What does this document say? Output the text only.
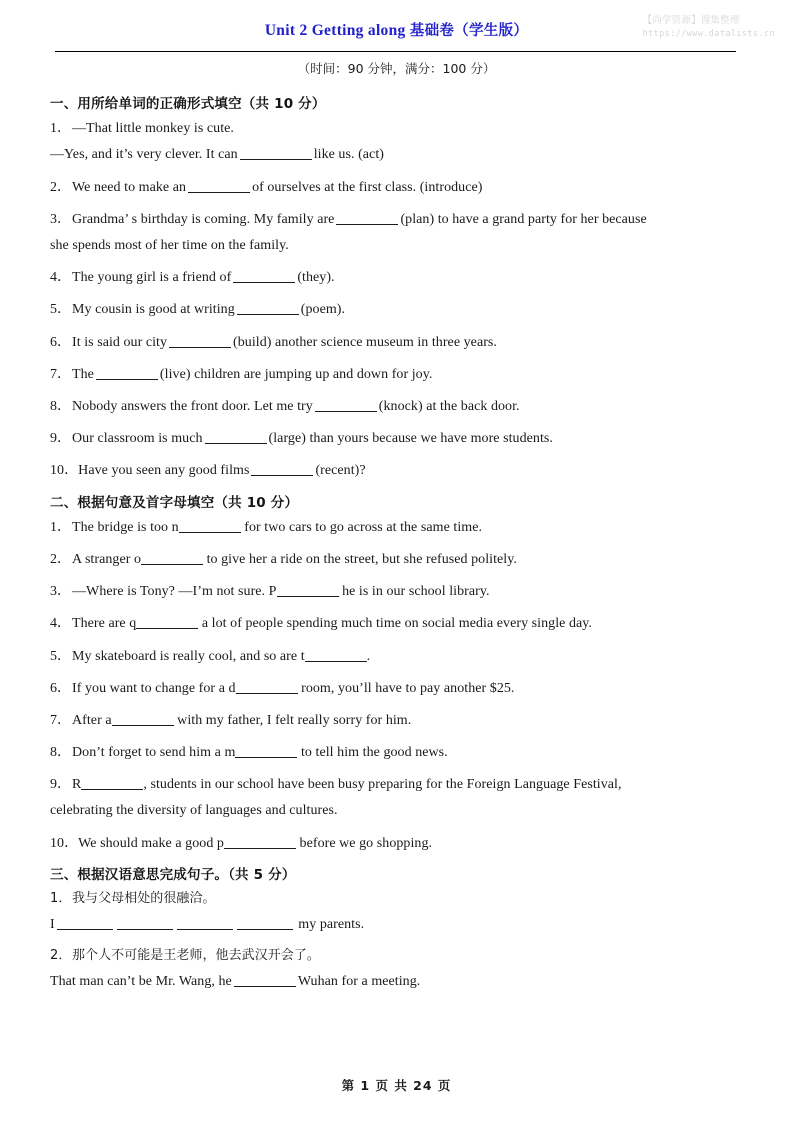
【尚学资源】搜集整理
https://www.datalists.cn
Unit 2 Getting along 基础卷（学生版）
（时间：90 分钟，满分：100 分）
一、用所给单词的正确形式填空（共 10 分）

1．—That little monkey is cute.

—Yes, and it’s very clever. It can	like us. (act)

2．We need to make an	of ourselves at the first class. (introduce)

3．Grandma’ s birthday is coming. My family are	(plan) to have a grand party for her because

she spends most of her time on the family.

4．The young girl is a friend of	(they).

5．My cousin is good at writing	(poem).

6．It is said our city	(build) another science museum in three years.

7．The	(live) children are jumping up and down for joy.

8．Nobody answers the front door. Let me try	(knock) at the back door.

9．Our classroom is much	(large) than yours because we have more students.

10．Have you seen any good films	(recent)?

二、根据句意及首字母填空（共 10 分）

1．The bridge is too n	for two cars to go across at the same time.

2．A stranger o	to give her a ride on the street, but she refused politely.

3．—Where is Tony? —I’m not sure. P	he is in our school library.

4．There are q	a lot of people spending much time on social media every single day.

5．My skateboard is really cool, and so are t	.

6．If you want to change for a d	room, you’ll have to pay another $25.

7．After a	with my father, I felt really sorry for him.

8．Don’t forget to send him a m	to tell him the good news.

9．R	, students in our school have been busy preparing for the Foreign Language Festival,

celebrating the diversity of languages and cultures.

10．We should make a good p	before we go shopping.

三、根据汉语意思完成句子。（共 5 分）

1．我与父母相处的很融洽。

I	my parents.

2．那个人不可能是王老师，他去武汉开会了。

That man can’t be Mr. Wang, he	Wuhan for a meeting.

第 1 页 共 24 页
